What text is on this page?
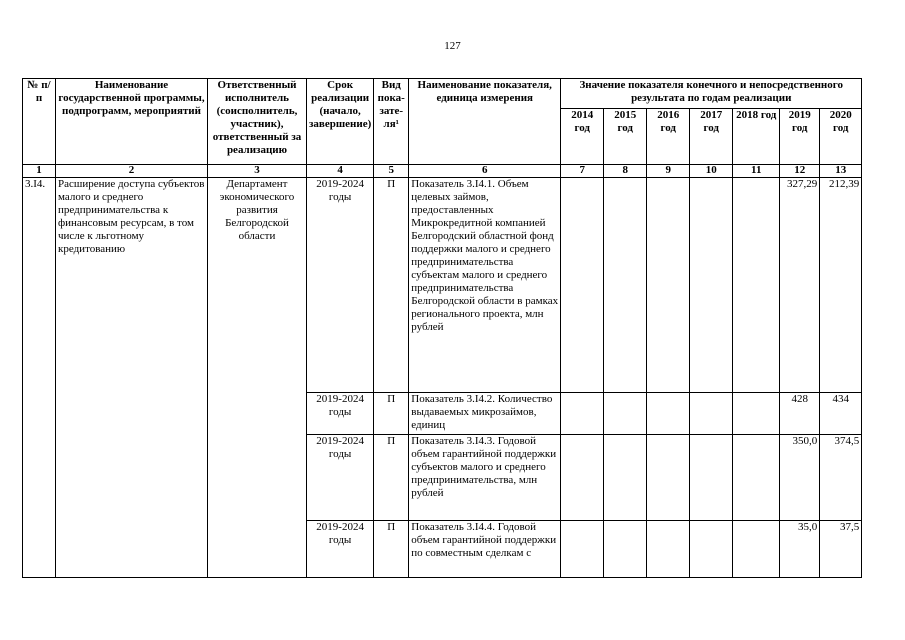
127
№ п/п	Наименование государственной программы, подпрограмм, мероприятий	Ответственный исполнитель (соисполнитель, участник), ответственный за реализацию	Срок реализации (начало, завершение)	Вид пока-зате-ля¹	Наименование показателя, единица измерения	Значение показателя конечного и непосредственного результата по годам реализации						
						2014 год	2015 год	2016 год	2017 год	2018 год	2019 год	2020 год
1	2	3	4	5	6	7	8	9	10	11	12	13
3.I4.	Расширение доступа субъектов малого и среднего предпринимательства к финансовым ресурсам, в том числе к льготному кредитованию	Департамент экономического развития Белгородской области	2019-2024 годы	П	Показатель 3.I4.1. Объем целевых займов, предоставленных Микрокредитной компанией Белгородский областной фонд поддержки малого и среднего предпринимательства субъектам малого и среднего предпринимательства Белгородской области в рамках регионального проекта, млн рублей						327,29	212,39
			2019-2024 годы	П	Показатель 3.I4.2. Количество выдаваемых микрозаймов, единиц						428	434
			2019-2024 годы	П	Показатель 3.I4.3. Годовой объем гарантийной поддержки субъектов малого и среднего предпринимательства, млн рублей						350,0	374,5
			2019-2024 годы	П	Показатель 3.I4.4. Годовой объем гарантийной поддержки по совместным сделкам с						35,0	37,5
